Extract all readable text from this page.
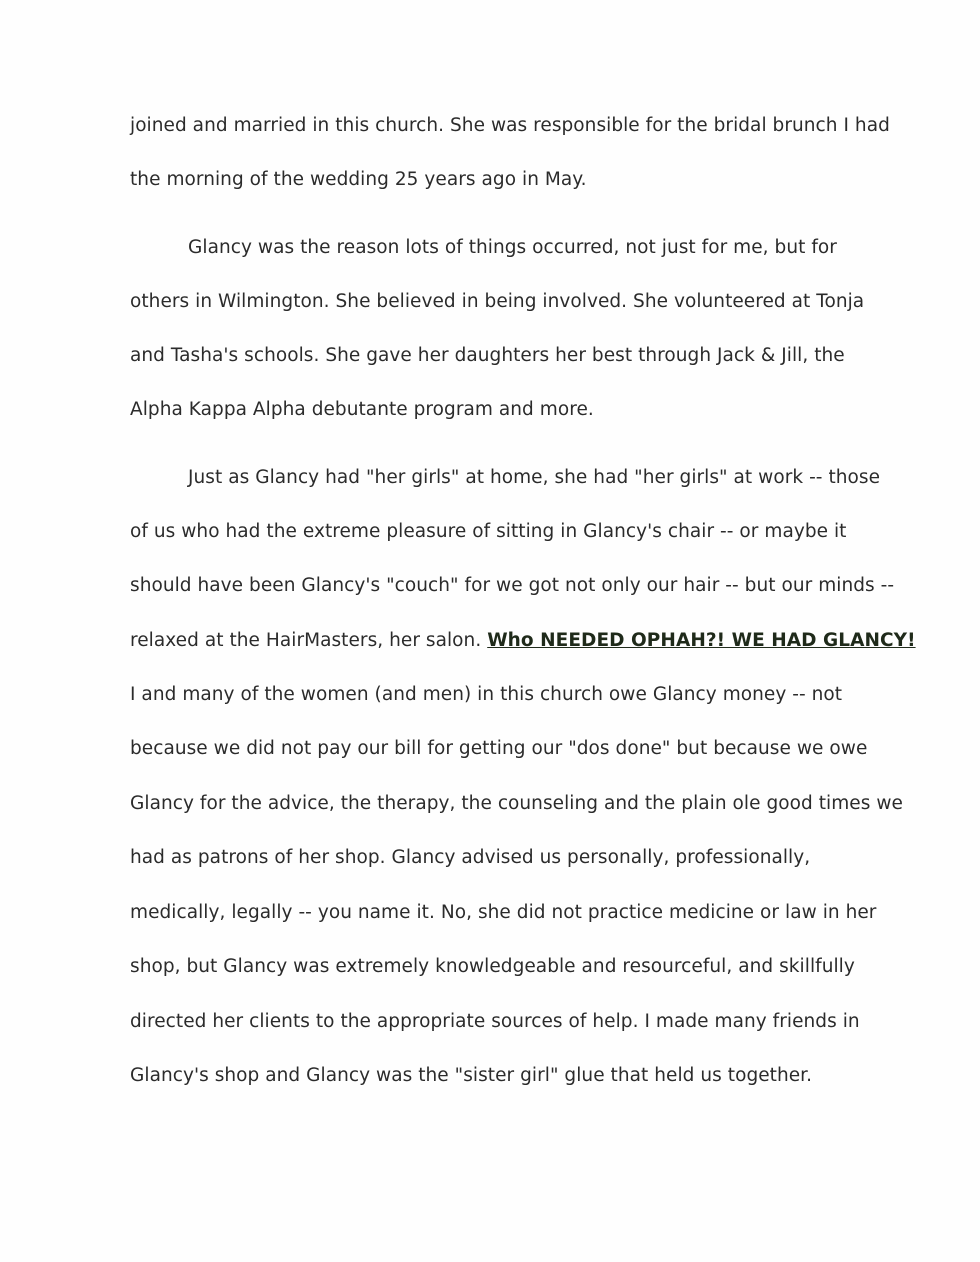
joined and married in this church. She was responsible for the bridal brunch I had
the morning of the wedding 25 years ago in May.
Glancy was the reason lots of things occurred, not just for me, but for
others in Wilmington. She believed in being involved. She volunteered at Tonja
and Tasha's schools. She gave her daughters her best through Jack & Jill, the
Alpha Kappa Alpha debutante program and more.
Just as Glancy had "her girls" at home, she had "her girls" at work -- those
of us who had the extreme pleasure of sitting in Glancy's chair -- or maybe it
should have been Glancy's "couch" for we got not only our hair -- but our minds --
relaxed at the HairMasters, her salon. Who NEEDED OPHAH?! WE HAD GLANCY!
I and many of the women (and men) in this church owe Glancy money -- not
because we did not pay our bill for getting our "dos done" but because we owe
Glancy for the advice, the therapy, the counseling and the plain ole good times we
had as patrons of her shop. Glancy advised us personally, professionally,
medically, legally -- you name it. No, she did not practice medicine or law in her
shop, but Glancy was extremely knowledgeable and resourceful, and skillfully
directed her clients to the appropriate sources of help. I made many friends in
Glancy's shop and Glancy was the "sister girl" glue that held us together.
